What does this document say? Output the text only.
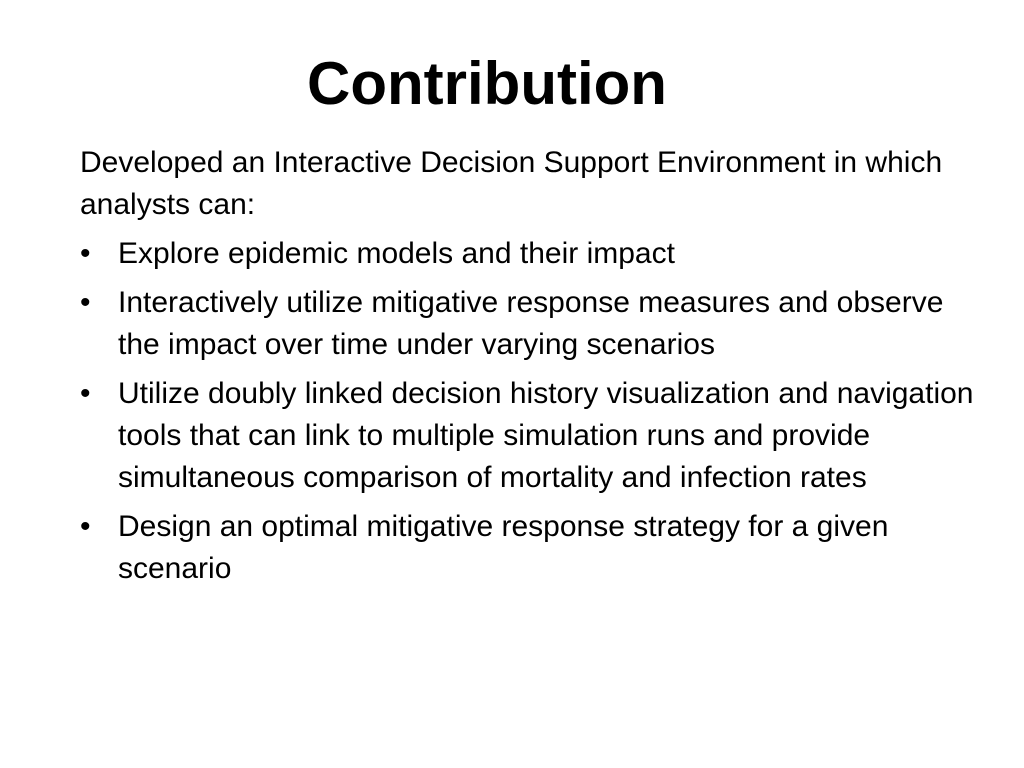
Contribution

Developed an Interactive Decision Support Environment in which analysts can:

• Explore epidemic models and their impact
• Interactively utilize mitigative response measures and observe the impact over time under varying scenarios
• Utilize doubly linked decision history visualization and navigation tools that can link to multiple simulation runs and provide simultaneous comparison of mortality and infection rates
• Design an optimal mitigative response strategy for a given scenario
